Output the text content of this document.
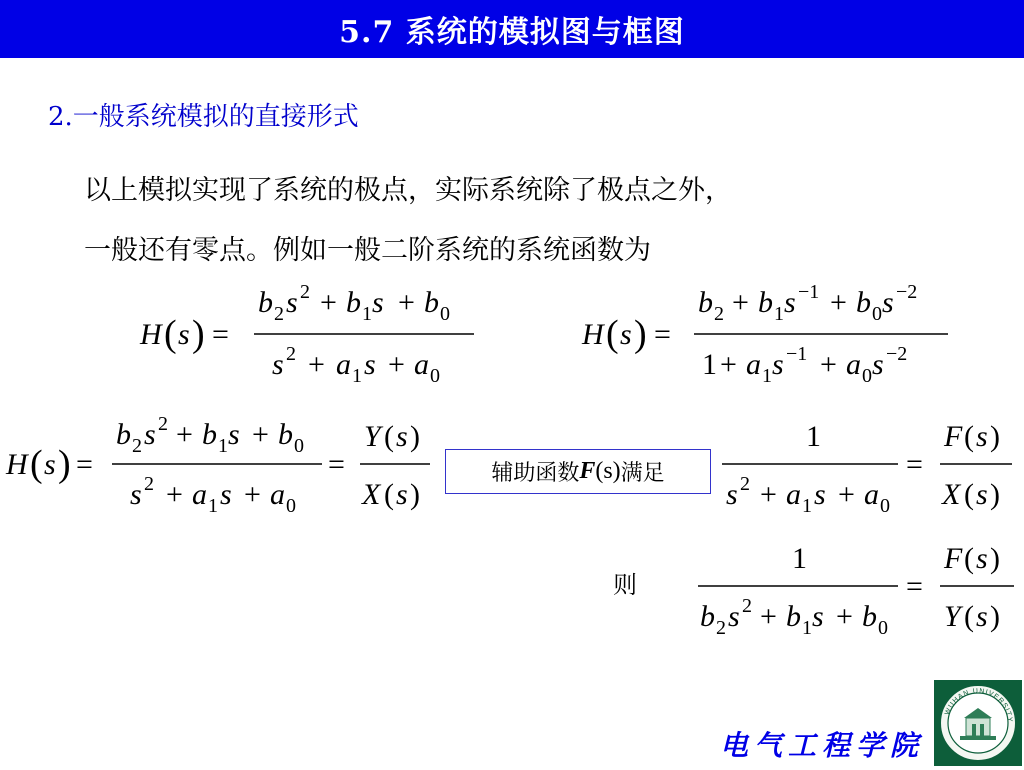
5.7 系统的模拟图与框图
2.一般系统模拟的直接形式
以上模拟实现了系统的极点，实际系统除了极点之外，
一般还有零点。例如一般二阶系统的系统函数为
H ( s ) =
b 2 s 2 + b 1 s + b 0
s 2 + a 1 s + a 0
H ( s ) =
b 2 + b 1 s −1 + b 0 s −2
1 + a 1 s −1 + a 0 s −2
H ( s ) =
b 2 s 2 + b 1 s + b 0
s 2 + a 1 s + a 0
=
Y ( s )
X ( s )
辅助函数 F (s) 满足
1
s 2 + a 1 s + a 0
=
F ( s )
X ( s )
则
1
b 2 s 2 + b 1 s + b 0
=
F ( s )
Y ( s )
电气工程学院
WUHAN UNIVERSITY
